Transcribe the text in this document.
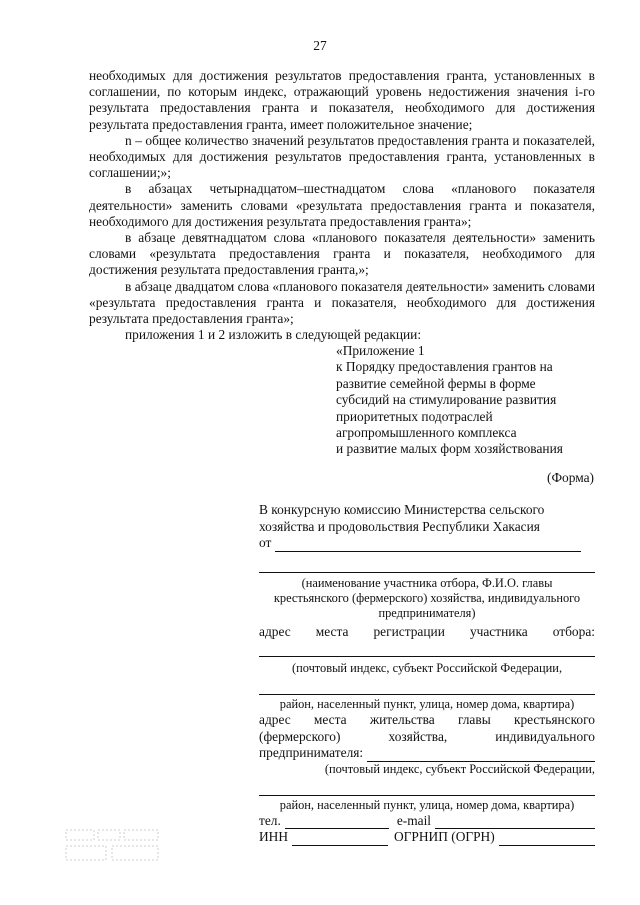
27

необходимых для достижения результатов предоставления гранта, установленных в соглашении, по которым индекс, отражающий уровень недостижения значения i-го результата предоставления гранта и показателя, необходимого для достижения результата предоставления гранта, имеет положительное значение;

n – общее количество значений результатов предоставления гранта и показателей, необходимых для достижения результатов предоставления гранта, установленных в соглашении;»;

в абзацах четырнадцатом–шестнадцатом слова «планового показателя деятельности» заменить словами «результата предоставления гранта и показателя, необходимого для достижения результата предоставления гранта»;

в абзаце девятнадцатом слова «планового показателя деятельности» заменить словами «результата предоставления гранта и показателя, необходимого для достижения результата предоставления гранта,»;

в абзаце двадцатом слова «планового показателя деятельности» заменить словами «результата предоставления гранта и показателя, необходимого для достижения результата предоставления гранта»;

приложения 1 и 2 изложить в следующей редакции:

«Приложение 1
к Порядку предоставления грантов на
развитие семейной фермы в форме
субсидий на стимулирование развития
приоритетных подотраслей
агропромышленного комплекса
и развитие малых форм хозяйствования
(Форма)
В конкурсную комиссию Министерства сельского
хозяйства и продовольствия Республики Хакасия
от
(наименование участника отбора, Ф.И.О. главы
крестьянского (фермерского) хозяйства, индивидуального
предпринимателя)
адрес места регистрации участника отбора:
(почтовый индекс, субъект Российской Федерации,
район, населенный пункт, улица, номер дома, квартира)
адрес места жительства главы крестьянского
(фермерского)	хозяйства,	индивидуального
предпринимателя:
(почтовый индекс, субъект Российской Федерации,
район, населенный пункт, улица, номер дома, квартира)
тел.	e-mail
ИНН	ОГРНИП (ОГРН)
